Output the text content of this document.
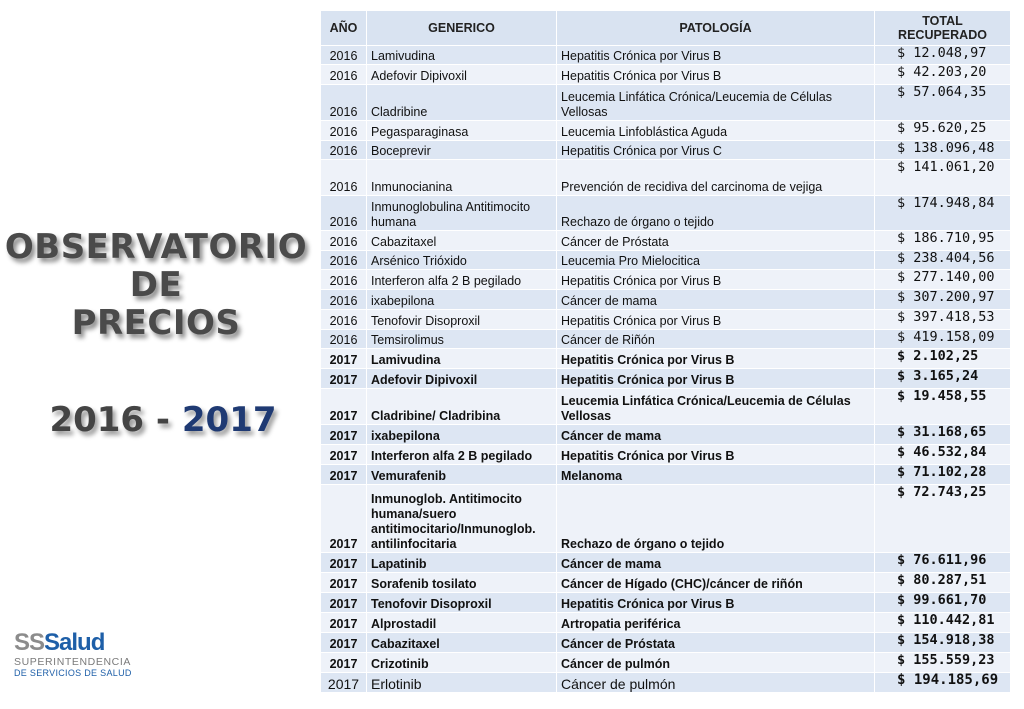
OBSERVATORIO
DE
PRECIOS
2016 - 2017
SSSalud
SUPERINTENDENCIA
DE SERVICIOS DE SALUD
AÑO	GENERICO	PATOLOGÍA	TOTAL RECUPERADO
2016	Lamivudina	Hepatitis Crónica por Virus B	$ 12.048,97
2016	Adefovir Dipivoxil	Hepatitis Crónica por Virus B	$ 42.203,20
2016	Cladribine	Leucemia Linfática Crónica/Leucemia de Células Vellosas	$ 57.064,35
2016	Pegasparaginasa	Leucemia Linfoblástica Aguda	$ 95.620,25
2016	Boceprevir	Hepatitis Crónica por Virus C	$ 138.096,48
2016	Inmunocianina	Prevención de recidiva del carcinoma de vejiga	$ 141.061,20
2016	Inmunoglobulina Antitimocito humana	Rechazo de órgano o tejido	$ 174.948,84
2016	Cabazitaxel	Cáncer de Próstata	$ 186.710,95
2016	Arsénico Trióxido	Leucemia Pro Mielocitica	$ 238.404,56
2016	Interferon alfa 2 B pegilado	Hepatitis Crónica por Virus B	$ 277.140,00
2016	ixabepilona	Cáncer de mama	$ 307.200,97
2016	Tenofovir Disoproxil	Hepatitis Crónica por Virus B	$ 397.418,53
2016	Temsirolimus	Cáncer de Riñón	$ 419.158,09
2017	Lamivudina	Hepatitis Crónica por Virus B	$ 2.102,25
2017	Adefovir Dipivoxil	Hepatitis Crónica por Virus B	$ 3.165,24
2017	Cladribine/ Cladribina	Leucemia Linfática Crónica/Leucemia de Células Vellosas	$ 19.458,55
2017	ixabepilona	Cáncer de mama	$ 31.168,65
2017	Interferon alfa 2 B pegilado	Hepatitis Crónica por Virus B	$ 46.532,84
2017	Vemurafenib	Melanoma	$ 71.102,28
2017	Inmunoglob. Antitimocito humana/suero antitimocitario/Inmunoglob. antilinfocitaria	Rechazo de órgano o tejido	$ 72.743,25
2017	Lapatinib	Cáncer de mama	$ 76.611,96
2017	Sorafenib tosilato	Cáncer de Hígado (CHC)/cáncer de riñón	$ 80.287,51
2017	Tenofovir Disoproxil	Hepatitis Crónica por Virus B	$ 99.661,70
2017	Alprostadil	Artropatia periférica	$ 110.442,81
2017	Cabazitaxel	Cáncer de Próstata	$ 154.918,38
2017	Crizotinib	Cáncer de pulmón	$ 155.559,23
2017	Erlotinib	Cáncer de pulmón	$ 194.185,69
